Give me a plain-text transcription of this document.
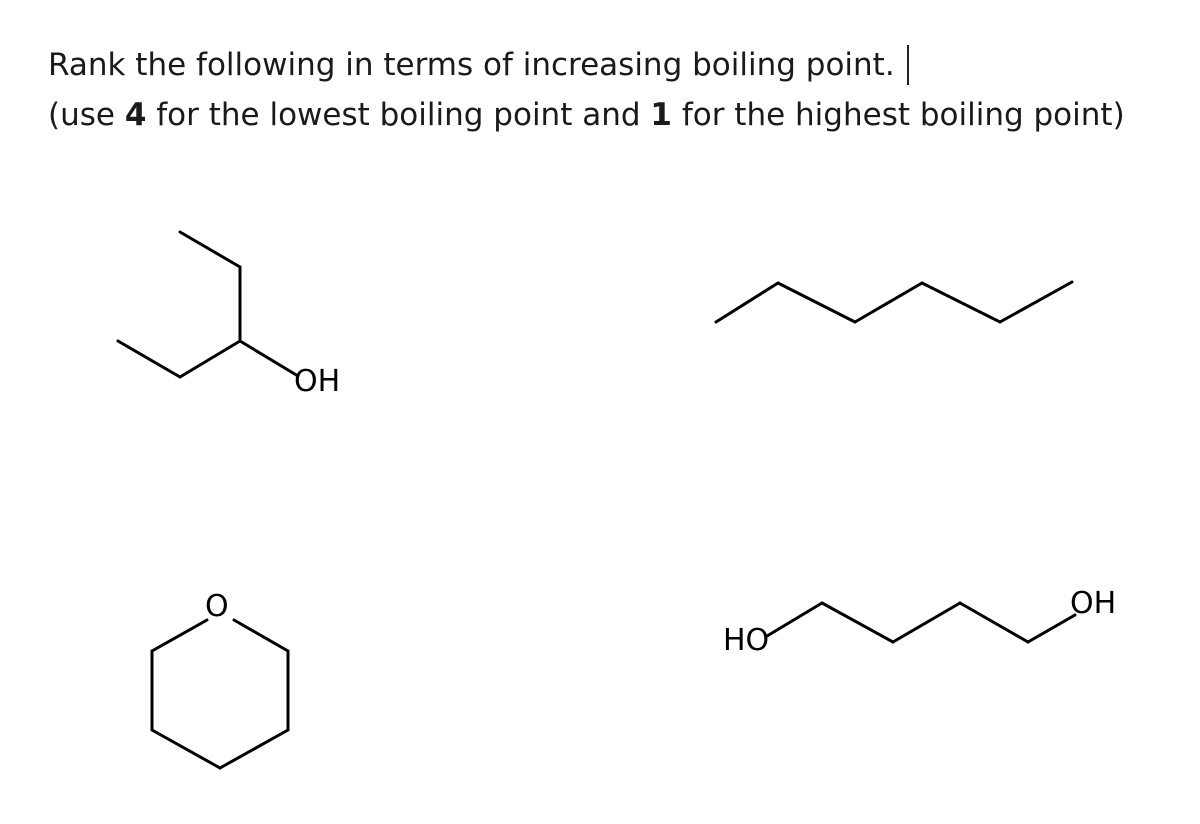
Rank the following in terms of increasing boiling point.
(use 4 for the lowest boiling point and 1 for the highest boiling point)
OH
O
HO
OH
